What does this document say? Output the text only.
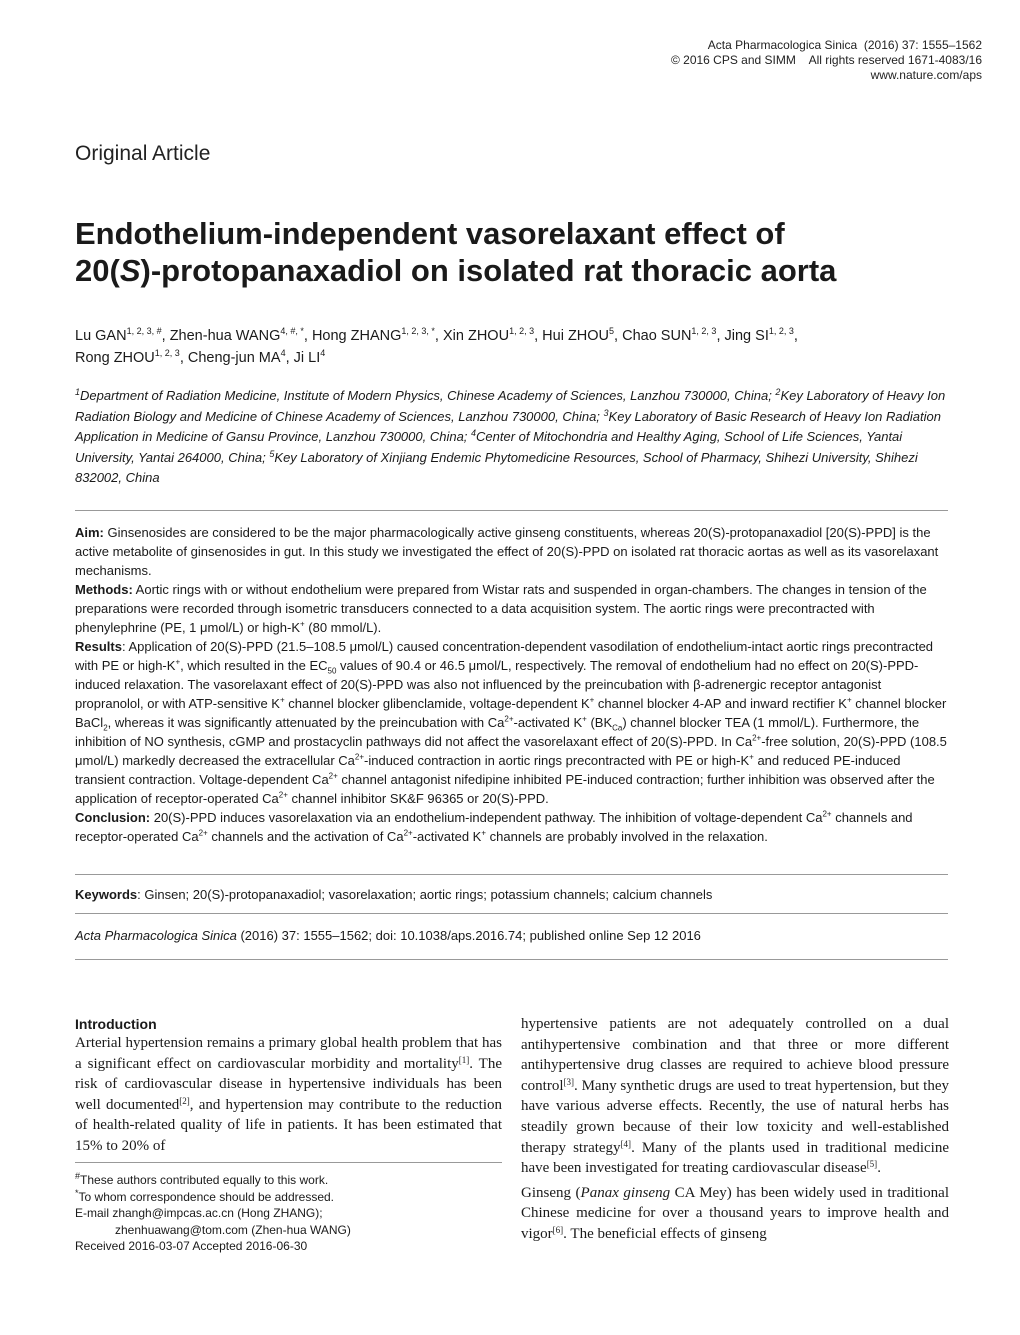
Acta Pharmacologica Sinica (2016) 37: 1555–1562
© 2016 CPS and SIMM All rights reserved 1671-4083/16
www.nature.com/aps
Original Article
Endothelium-independent vasorelaxant effect of
20(S)-protopanaxadiol on isolated rat thoracic aorta
Lu $GAN^{1, 2, 3, \#}$, Zhen-hua $WANG^{4, \#, *}$, Hong $ZHANG^{1, 2, 3, *}$, Xin ZHOU$^{1, 2, 3}$, Hui ZHOU$^5$, Chao SUN$^{1, 2, 3}$, Jing SI$^{1, 2, 3}$,
Rong ZHOU$^{1, 2, 3}$, Cheng-jun $MA^4$, Ji $LI^4$
$^1$Department of Radiation Medicine, Institute of Modern Physics, Chinese Academy of Sciences, Lanzhou 730000, China; $^2$Key Laboratory of Heavy Ion Radiation Biology and Medicine of Chinese Academy of Sciences, Lanzhou 730000, China; $^3$Key Laboratory of Basic Research of Heavy Ion Radiation Application in Medicine of Gansu Province, Lanzhou 730000, China; $^4$Center of Mitochondria and Healthy Aging, School of Life Sciences, Yantai University, Yantai 264000, China; $^5$Key Laboratory of Xinjiang Endemic Phytomedicine Resources, School of Pharmacy, Shihezi University, Shihezi 832002, China

Aim: Ginsenosides are considered to be the major pharmacologically active ginseng constituents, whereas 20(S)-protopanaxadiol [20(S)-PPD] is the active metabolite of ginsenosides in gut. In this study we investigated the effect of 20(S)-PPD on isolated rat thoracic aortas as well as its vasorelaxant mechanisms.

Methods: Aortic rings with or without endothelium were prepared from Wistar rats and suspended in organ-chambers. The changes in tension of the preparations were recorded through isometric transducers connected to a data acquisition system. The aortic rings were precontracted with phenylephrine (PE, 1 μmol/L) or high-K+ (80 mmol/L).

Results: Application of 20(S)-PPD (21.5–108.5 μmol/L) caused concentration-dependent vasodilation of endothelium-intact aortic rings precontracted with PE or high-K+, which resulted in the $EC_{50}$ values of 90.4 or 46.5 μmol/L, respectively. The removal of endothelium had no effect on 20(S)-PPD-induced relaxation. The vasorelaxant effect of 20(S)-PPD was also not influenced by the preincubation with β-adrenergic receptor antagonist propranolol, or with ATP-sensitive K+ channel blocker glibenclamide, voltage-dependent K+ channel blocker 4-AP and inward rectifier K+ channel blocker BaCl$_2$, whereas it was significantly attenuated by the preincubation with $Ca^{2+}$-activated K+ $(BK_{Ca})$ channel blocker TEA (1 mmol/L). Furthermore, the inhibition of NO synthesis, cGMP and prostacyclin pathways did not affect the vasorelaxant effect of 20(S)-PPD. In $Ca^{2+}$-free solution, 20(S)-PPD (108.5 μmol/L) markedly decreased the extracellular $Ca^{2+}$-induced contraction in aortic rings precontracted with PE or high-K+ and reduced PE-induced transient contraction. Voltage-dependent $Ca^{2+}$ channel antagonist nifedipine inhibited PE-induced contraction; further inhibition was observed after the application of receptor-operated $Ca^{2+}$ channel inhibitor SK&F 96365 or 20(S)-PPD.

Conclusion: 20(S)-PPD induces vasorelaxation via an endothelium-independent pathway. The inhibition of voltage-dependent $Ca^{2+}$ channels and receptor-operated $Ca^{2+}$ channels and the activation of $Ca^{2+}$-activated K+ channels are probably involved in the relaxation.

Keywords: Ginsen; 20(S)-protopanaxadiol; vasorelaxation; aortic rings; potassium channels; calcium channels
Acta Pharmacologica Sinica (2016) 37: 1555–1562; doi: 10.1038/aps.2016.74; published online Sep 12 2016
Introduction

Arterial hypertension remains a primary global health problem that has a significant effect on cardiovascular morbidity and mortality[1]. The risk of cardiovascular disease in hypertensive individuals has been well documented[2], and hypertension may contribute to the reduction of health-related quality of life in patients. It has been estimated that 15% to 20% of

#These authors contributed equally to this work.

*To whom correspondence should be addressed.

E-mail zhangh@impcas.ac.cn (Hong ZHANG);

zhenhuawang@tom.com (Zhen-hua WANG)

Received 2016-03-07 Accepted 2016-06-30

hypertensive patients are not adequately controlled on a dual antihypertensive combination and that three or more different antihypertensive drug classes are required to achieve blood pressure control[3]. Many synthetic drugs are used to treat hypertension, but they have various adverse effects. Recently, the use of natural herbs has steadily grown because of their low toxicity and well-established therapy strategy[4]. Many of the plants used in traditional medicine have been investigated for treating cardiovascular disease[5].

Ginseng (Panax ginseng CA Mey) has been widely used in traditional Chinese medicine for over a thousand years to improve health and vigor[6]. The beneficial effects of ginseng
